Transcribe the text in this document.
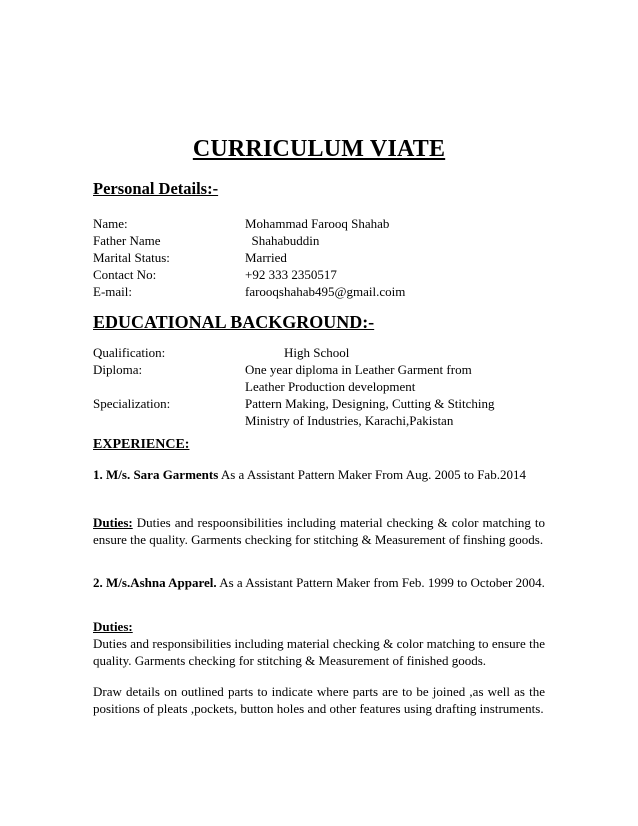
CURRICULUM VIATE
Personal Details:-
Name:	Mohammad Farooq Shahab
Father Name	Shahabuddin
Marital Status:	Married
Contact No:	+92 333 2350517
E-mail:	farooqshahab495@gmail.coim
EDUCATIONAL BACKGROUND:-
Qualification:	High School
Diploma:	One year diploma in Leather Garment from
Leather Production development
Specialization:	Pattern Making, Designing, Cutting & Stitching
Ministry of Industries, Karachi,Pakistan
EXPERIENCE:
1. M/s. Sara Garments As a Assistant Pattern Maker From Aug. 2005 to Fab.2014
Duties: Duties and respoonsibilities including material checking & color matching to ensure the quality. Garments checking for stitching & Measurement of finshing goods.
2. M/s.Ashna Apparel. As a Assistant Pattern Maker from Feb. 1999 to October 2004.
Duties:
Duties and responsibilities including material checking & color matching to ensure the quality. Garments checking for stitching & Measurement of finished goods.
Draw details on outlined parts to indicate where parts are to be joined ,as well as the positions of pleats ,pockets, button holes and other features using drafting instruments.
